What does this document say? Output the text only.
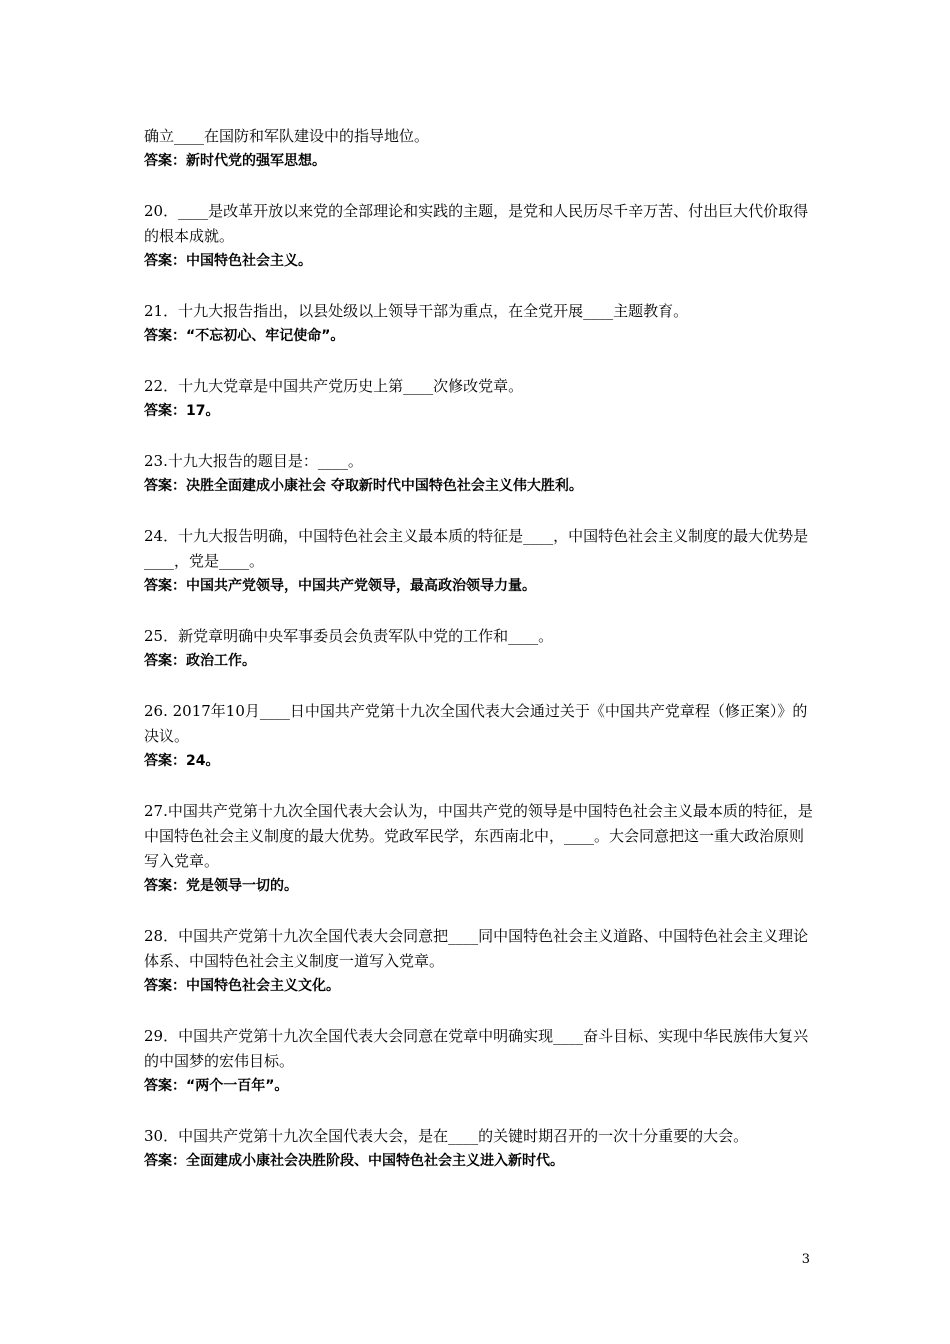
确立____在国防和军队建设中的指导地位。

答案：新时代党的强军思想。

20．____是改革开放以来党的全部理论和实践的主题，是党和人民历尽千辛万苦、付出巨大代价取得的根本成就。

答案：中国特色社会主义。

21．十九大报告指出，以县处级以上领导干部为重点，在全党开展____主题教育。

答案：“不忘初心、牢记使命”。

22．十九大党章是中国共产党历史上第____次修改党章。

答案：17。

23.十九大报告的题目是：____。

答案：决胜全面建成小康社会 夺取新时代中国特色社会主义伟大胜利。

24．十九大报告明确，中国特色社会主义最本质的特征是____，中国特色社会主义制度的最大优势是____，党是____。

答案：中国共产党领导，中国共产党领导，最高政治领导力量。

25．新党章明确中央军事委员会负责军队中党的工作和____。

答案：政治工作。

26. 2017年10月____日中国共产党第十九次全国代表大会通过关于《中国共产党章程（修正案）》的决议。

答案：24。

27.中国共产党第十九次全国代表大会认为，中国共产党的领导是中国特色社会主义最本质的特征，是中国特色社会主义制度的最大优势。党政军民学，东西南北中，____。大会同意把这一重大政治原则写入党章。

答案：党是领导一切的。

28．中国共产党第十九次全国代表大会同意把____同中国特色社会主义道路、中国特色社会主义理论体系、中国特色社会主义制度一道写入党章。

答案：中国特色社会主义文化。

29．中国共产党第十九次全国代表大会同意在党章中明确实现____奋斗目标、实现中华民族伟大复兴的中国梦的宏伟目标。

答案：“两个一百年”。

30．中国共产党第十九次全国代表大会，是在____的关键时期召开的一次十分重要的大会。

答案：全面建成小康社会决胜阶段、中国特色社会主义进入新时代。

3
